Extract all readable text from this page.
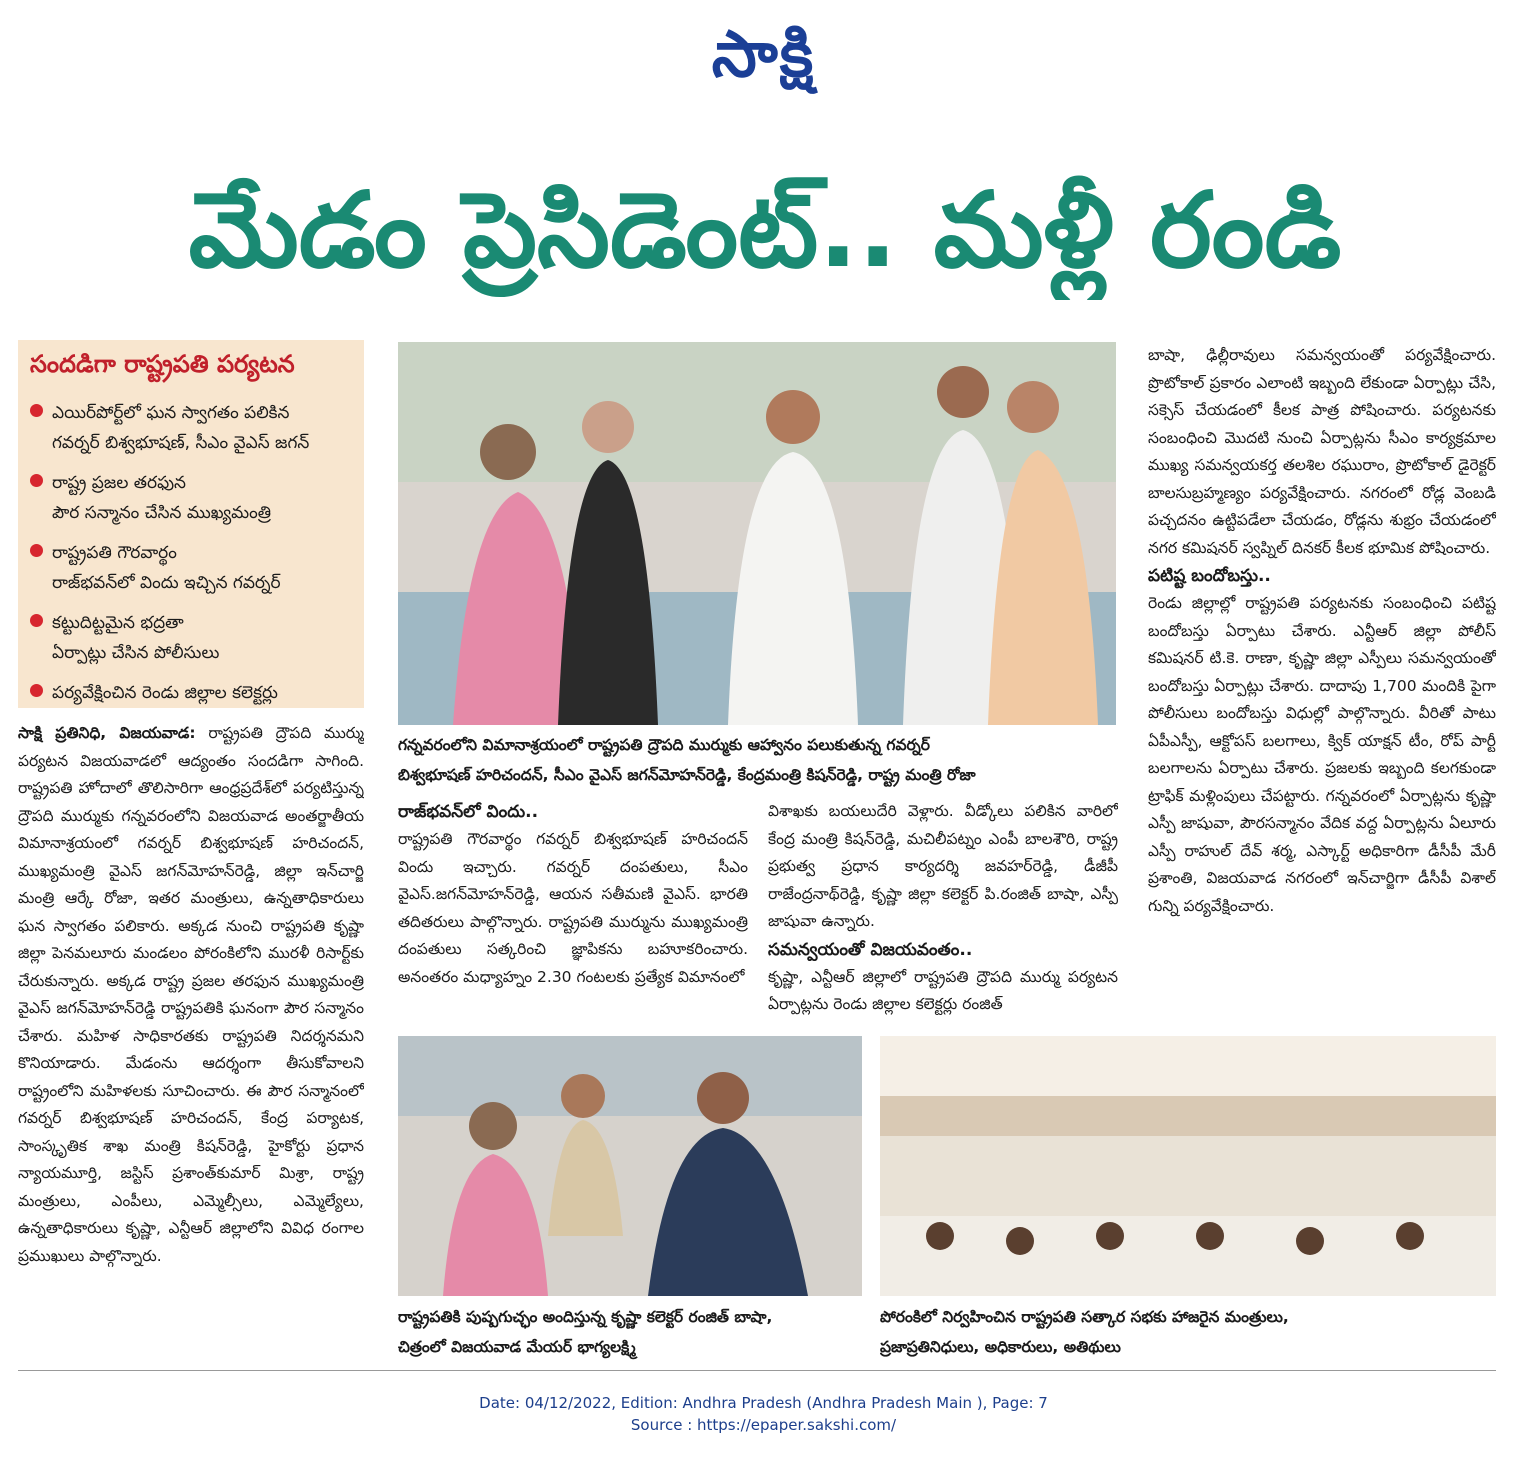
సాక్షి
మేడం ప్రెసిడెంట్.. మళ్లీ రండి
సందడిగా రాష్ట్రపతి పర్యటన
ఎయిర్‌పోర్ట్‌లో ఘన స్వాగతం పలికిన
గవర్నర్ బిశ్వభూషణ్, సీఎం వైఎస్ జగన్
రాష్ట్ర ప్రజల తరఫున
పౌర సన్మానం చేసిన ముఖ్యమంత్రి
రాష్ట్రపతి గౌరవార్థం
రాజ్‌భవన్‌లో విందు ఇచ్చిన గవర్నర్
కట్టుదిట్టమైన భద్రతా
ఏర్పాట్లు చేసిన పోలీసులు
పర్యవేక్షించిన రెండు జిల్లాల కలెక్టర్లు

సాక్షి ప్రతినిధి, విజయవాడ: రాష్ట్రపతి ద్రౌపది ముర్ము పర్యటన విజయవాడలో ఆద్యంతం సందడిగా సాగింది. రాష్ట్రపతి హోదాలో తొలిసారిగా ఆంధ్రప్రదేశ్‌లో పర్యటిస్తున్న ద్రౌపది ముర్ముకు గన్నవరంలోని విజయవాడ అంతర్జాతీయ విమానాశ్రయంలో గవర్నర్ బిశ్వభూషణ్ హరిచందన్, ముఖ్యమంత్రి వైఎస్ జగన్‌మోహన్‌రెడ్డి, జిల్లా ఇన్‌చార్జి మంత్రి ఆర్కే రోజా, ఇతర మంత్రులు, ఉన్నతాధికారులు ఘన స్వాగతం పలికారు. అక్కడ నుంచి రాష్ట్రపతి కృష్ణా జిల్లా పెనమలూరు మండలం పోరంకిలోని మురళీ రిసార్ట్‌కు చేరుకున్నారు. అక్కడ రాష్ట్ర ప్రజల తరఫున ముఖ్యమంత్రి వైఎస్ జగన్‌మోహన్‌రెడ్డి రాష్ట్రపతికి ఘనంగా పౌర సన్మానం చేశారు. మహిళ సాధికారతకు రాష్ట్రపతి నిదర్శనమని కొనియాడారు. మేడంను ఆదర్శంగా తీసుకోవాలని రాష్ట్రంలోని మహిళలకు సూచించారు. ఈ పౌర సన్మానంలో గవర్నర్ బిశ్వభూషణ్ హరిచందన్, కేంద్ర పర్యాటక, సాంస్కృతిక శాఖ మంత్రి కిషన్‌రెడ్డి, హైకోర్టు ప్రధాన న్యాయమూర్తి, జస్టిస్ ప్రశాంత్‌కుమార్ మిశ్రా, రాష్ట్ర మంత్రులు, ఎంపీలు, ఎమ్మెల్సీలు, ఎమ్మెల్యేలు, ఉన్నతాధికారులు కృష్ణా, ఎన్టీఆర్ జిల్లాలోని వివిధ రంగాల ప్రముఖులు పాల్గొన్నారు.

గన్నవరంలోని విమానాశ్రయంలో రాష్ట్రపతి ద్రౌపది ముర్ముకు ఆహ్వానం పలుకుతున్న గవర్నర్
బిశ్వభూషణ్ హరిచందన్, సీఎం వైఎస్ జగన్‌మోహన్‌రెడ్డి, కేంద్రమంత్రి కిషన్‌రెడ్డి, రాష్ట్ర మంత్రి రోజా
రాజ్‌భవన్‌లో విందు..

రాష్ట్రపతి గౌరవార్థం గవర్నర్ బిశ్వభూషణ్ హరిచందన్ విందు ఇచ్చారు. గవర్నర్ దంపతులు, సీఎం వైఎస్.జగన్‌మోహన్‌రెడ్డి, ఆయన సతీమణి వైఎస్. భారతి తదితరులు పాల్గొన్నారు. రాష్ట్రపతి ముర్మును ముఖ్యమంత్రి దంపతులు సత్కరించి జ్ఞాపికను బహూకరించారు. అనంతరం మధ్యాహ్నం 2.30 గంటలకు ప్రత్యేక విమానంలో

విశాఖకు బయలుదేరి వెళ్లారు. వీడ్కోలు పలికిన వారిలో కేంద్ర మంత్రి కిషన్‌రెడ్డి, మచిలీపట్నం ఎంపీ బాలశౌరి, రాష్ట్ర ప్రభుత్వ ప్రధాన కార్యదర్శి జవహర్‌రెడ్డి, డీజీపీ రాజేంద్రనాథ్‌రెడ్డి, కృష్ణా జిల్లా కలెక్టర్ పి.రంజిత్ బాషా, ఎస్పీ జాషువా ఉన్నారు.

సమన్వయంతో విజయవంతం..

కృష్ణా, ఎన్టీఆర్ జిల్లాలో రాష్ట్రపతి ద్రౌపది ముర్ము పర్యటన ఏర్పాట్లను రెండు జిల్లాల కలెక్టర్లు రంజిత్

బాషా, ఢిల్లీరావులు సమన్వయంతో పర్యవేక్షించారు. ప్రొటోకాల్ ప్రకారం ఎలాంటి ఇబ్బంది లేకుండా ఏర్పాట్లు చేసి, సక్సెస్ చేయడంలో కీలక పాత్ర పోషించారు. పర్యటనకు సంబంధించి మొదటి నుంచి ఏర్పాట్లను సీఎం కార్యక్రమాల ముఖ్య సమన్వయకర్త తలశిల రఘురాం, ప్రొటోకాల్ డైరెక్టర్ బాలసుబ్రహ్మణ్యం పర్యవేక్షించారు. నగరంలో రోడ్ల వెంబడి పచ్చదనం ఉట్టిపడేలా చేయడం, రోడ్లను శుభ్రం చేయడంలో నగర కమిషనర్ స్వప్నిల్ దినకర్ కీలక భూమిక పోషించారు.

పటిష్ట బందోబస్తు..

రెండు జిల్లాల్లో రాష్ట్రపతి పర్యటనకు సంబంధించి పటిష్ట బందోబస్తు ఏర్పాటు చేశారు. ఎన్టీఆర్ జిల్లా పోలీస్ కమిషనర్ టి.కె. రాణా, కృష్ణా జిల్లా ఎస్పీలు సమన్వయంతో బందోబస్తు ఏర్పాట్లు చేశారు. దాదాపు 1,700 మందికి పైగా పోలీసులు బందోబస్తు విధుల్లో పాల్గొన్నారు. వీరితో పాటు ఏపీఎస్పీ, ఆక్టోపస్ బలగాలు, క్విక్ యాక్షన్ టీం, రోప్ పార్టీ బలగాలను ఏర్పాటు చేశారు. ప్రజలకు ఇబ్బంది కలగకుండా ట్రాఫిక్ మళ్లింపులు చేపట్టారు. గన్నవరంలో ఏర్పాట్లను కృష్ణా ఎస్పీ జాషువా, పౌరసన్మానం వేదిక వద్ద ఏర్పాట్లను ఏలూరు ఎస్పీ రాహుల్ దేవ్ శర్మ, ఎస్కార్ట్ అధికారిగా డీసీపీ మేరీ ప్రశాంతి, విజయవాడ నగరంలో ఇన్‌చార్జిగా డీసీపీ విశాల్ గున్ని పర్యవేక్షించారు.

రాష్ట్రపతికి పుష్పగుచ్ఛం అందిస్తున్న కృష్ణా కలెక్టర్ రంజిత్ బాషా,
చిత్రంలో విజయవాడ మేయర్ భాగ్యలక్ష్మి
పోరంకిలో నిర్వహించిన రాష్ట్రపతి సత్కార సభకు హాజరైన మంత్రులు,
ప్రజాప్రతినిధులు, అధికారులు, అతిథులు
Date: 04/12/2022, Edition: Andhra Pradesh (Andhra Pradesh Main ), Page: 7
Source : https://epaper.sakshi.com/
